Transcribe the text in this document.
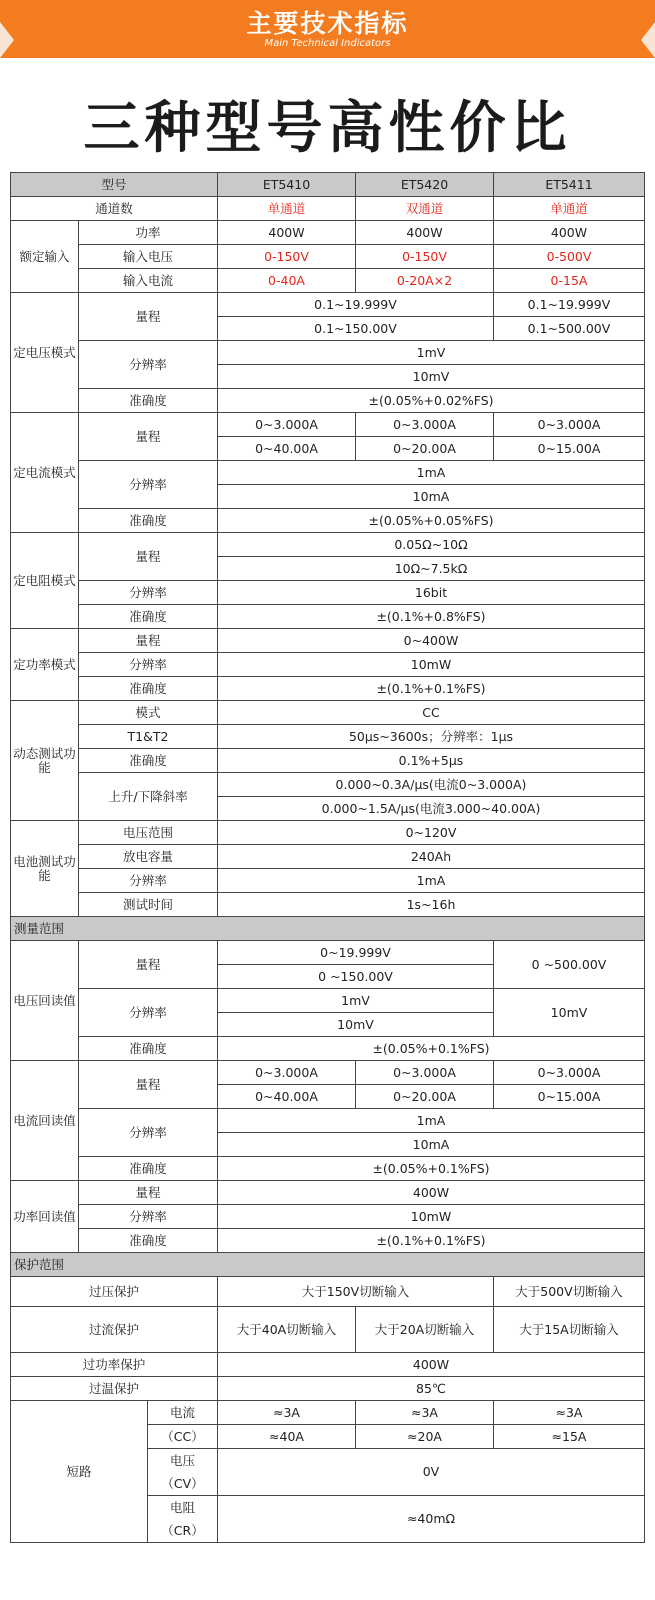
主要技术指标
Main Technical Indicators
三种型号高性价比
型号			ET5410	ET5420	ET5411
通道数			单通道	双通道	单通道
额定输入	功率		400W	400W	400W
	输入电压		0-150V	0-150V	0-500V
	输入电流		0-40A	0-20A×2	0-15A
定电压模式	量程		0.1~19.999V		0.1~19.999V
			0.1~150.00V		0.1~500.00V
	分辨率		1mV		
			10mV		
	准确度		±(0.05%+0.02%FS)		
定电流模式	量程		0~3.000A	0~3.000A	0~3.000A
			0~40.00A	0~20.00A	0~15.00A
	分辨率		1mA		
			10mA		
	准确度		±(0.05%+0.05%FS)		
定电阻模式	量程		0.05Ω~10Ω		
			10Ω~7.5kΩ		
	分辨率		16bit		
	准确度		±(0.1%+0.8%FS)		
定功率模式	量程		0~400W		
	分辨率		10mW		
	准确度		±(0.1%+0.1%FS)		
动态测试功能	模式		CC		
	T1&T2		50μs~3600s；分辨率：1μs		
	准确度		0.1%+5μs		
	上升/下降斜率		0.000~0.3A/μs(电流0~3.000A)		
			0.000~1.5A/μs(电流3.000~40.00A)		
电池测试功能	电压范围		0~120V		
	放电容量		240Ah		
	分辨率		1mA		
	测试时间		1s~16h		
测量范围					
电压回读值	量程		0~19.999V		0 ~500.00V
			0 ~150.00V		
	分辨率		1mV		10mV
			10mV		
	准确度		±(0.05%+0.1%FS)		
电流回读值	量程		0~3.000A	0~3.000A	0~3.000A
			0~40.00A	0~20.00A	0~15.00A
	分辨率		1mA		
			10mA		
	准确度		±(0.05%+0.1%FS)		
功率回读值	量程		400W		
	分辨率		10mW		
	准确度		±(0.1%+0.1%FS)		
保护范围					
过压保护			大于150V切断输入		大于500V切断输入
过流保护			大于40A切断输入	大于20A切断输入	大于15A切断输入
过功率保护			400W		
过温保护			85℃		
短路		电流	≈3A	≈3A	≈3A
		（CC）	≈40A	≈20A	≈15A
		电压	0V		
		（CV）			
		电阻	≈40mΩ		
		（CR）			
